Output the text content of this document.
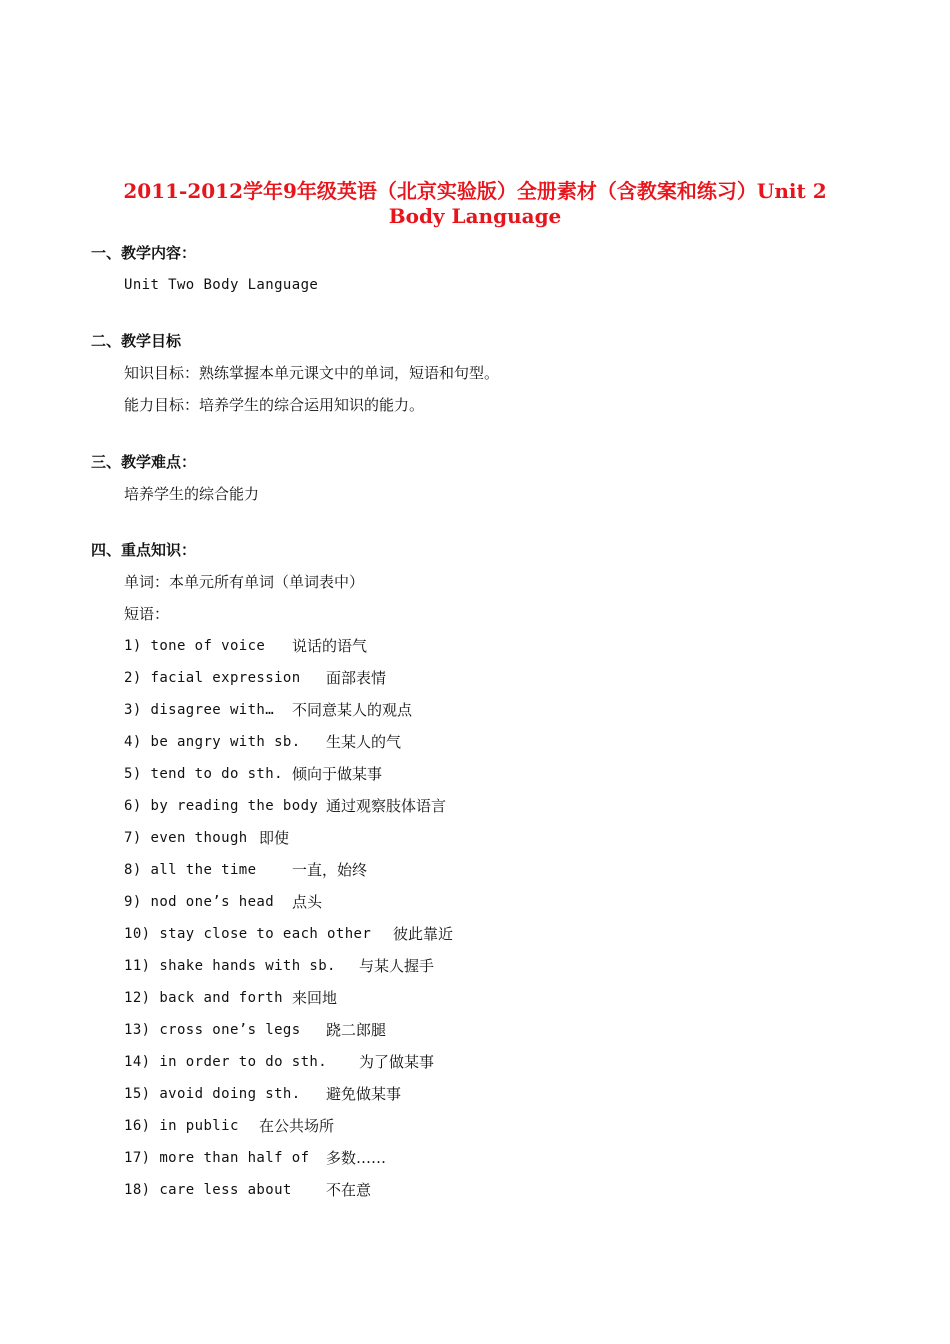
2011-2012学年9年级英语（北京实验版）全册素材（含教案和练习）Unit 2
Body Language
一、教学内容：
Unit Two Body Language
二、教学目标
知识目标：熟练掌握本单元课文中的单词，短语和句型。
能力目标：培养学生的综合运用知识的能力。
三、教学难点：
培养学生的综合能力
四、重点知识：
单词：本单元所有单词（单词表中）
短语：

1) tone of voice

说话的语气

2) facial expression

面部表情

3) disagree with…

不同意某人的观点

4) be angry with sb.

生某人的气

5) tend to do sth.

倾向于做某事

6) by reading the body

通过观察肢体语言

7) even though

即使

8) all the time

一直，始终

9) nod one’s head

点头

10) stay close to each other

彼此靠近

11) shake hands with sb.

与某人握手

12) back and forth

来回地

13) cross one’s legs

跷二郎腿

14) in order to do sth.

为了做某事

15) avoid doing sth.

避免做某事

16) in public

在公共场所

17) more than half of

多数……

18) care less about

不在意
